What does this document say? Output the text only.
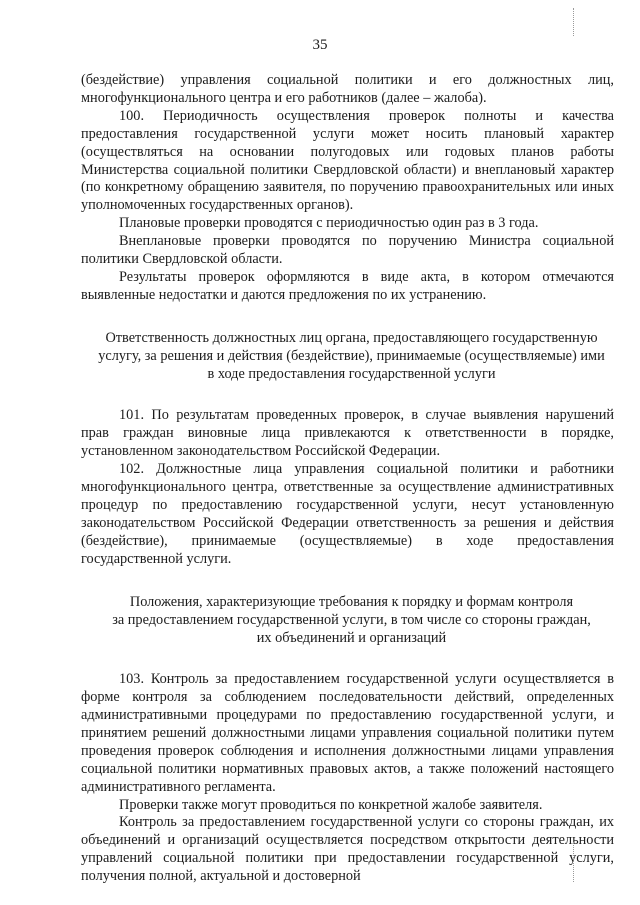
35

(бездействие) управления социальной политики и его должностных лиц, многофункционального центра и его работников (далее – жалоба).

100. Периодичность осуществления проверок полноты и качества предоставления государственной услуги может носить плановый характер (осуществляться на основании полугодовых или годовых планов работы Министерства социальной политики Свердловской области) и внеплановый характер (по конкретному обращению заявителя, по поручению правоохранительных или иных уполномоченных государственных органов).

Плановые проверки проводятся с периодичностью один раз в 3 года.

Внеплановые проверки проводятся по поручению Министра социальной политики Свердловской области.

Результаты проверок оформляются в виде акта, в котором отмечаются выявленные недостатки и даются предложения по их устранению.

Ответственность должностных лиц органа, предоставляющего государственную
услугу, за решения и действия (бездействие), принимаемые (осуществляемые) ими
в ходе предоставления государственной услуги

101. По результатам проведенных проверок, в случае выявления нарушений прав граждан виновные лица привлекаются к ответственности в порядке, установленном законодательством Российской Федерации.

102. Должностные лица управления социальной политики и работники многофункционального центра, ответственные за осуществление административных процедур по предоставлению государственной услуги, несут установленную законодательством Российской Федерации ответственность за решения и действия (бездействие), принимаемые (осуществляемые) в ходе предоставления государственной услуги.

Положения, характеризующие требования к порядку и формам контроля
за предоставлением государственной услуги, в том числе со стороны граждан,
их объединений и организаций

103. Контроль за предоставлением государственной услуги осуществляется в форме контроля за соблюдением последовательности действий, определенных административными процедурами по предоставлению государственной услуги, и принятием решений должностными лицами управления социальной политики путем проведения проверок соблюдения и исполнения должностными лицами управления социальной политики нормативных правовых актов, а также положений настоящего административного регламента.

Проверки также могут проводиться по конкретной жалобе заявителя.

Контроль за предоставлением государственной услуги со стороны граждан, их объединений и организаций осуществляется посредством открытости деятельности управлений социальной политики при предоставлении государственной услуги, получения полной, актуальной и достоверной
